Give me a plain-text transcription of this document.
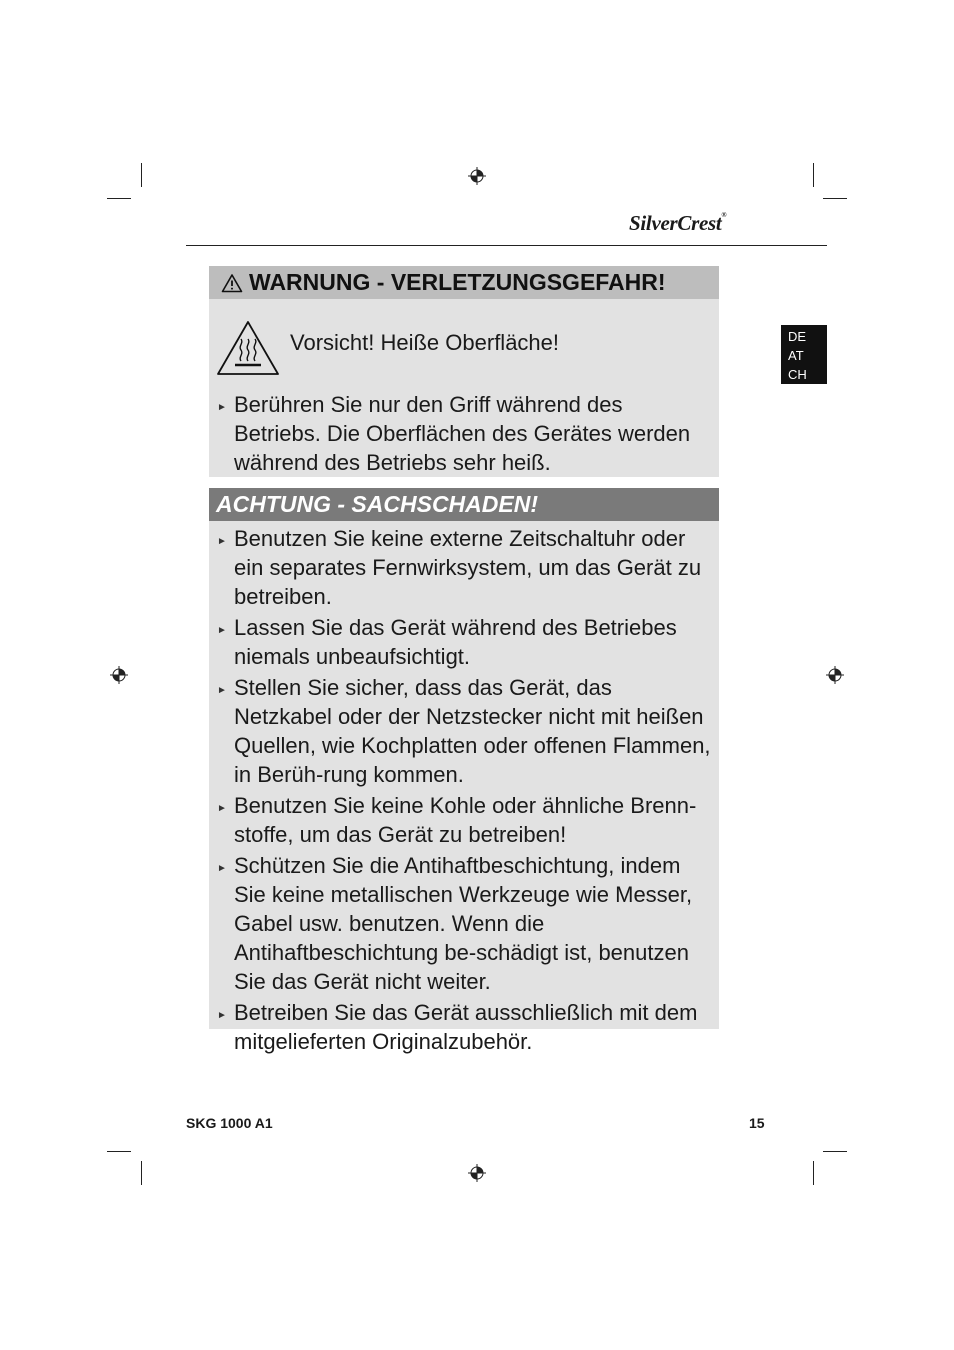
SilverCrest®
DE
AT
CH
WARNUNG - VERLETZUNGSGEFAHR!
Vorsicht! Heiße Oberfläche!
► Berühren Sie nur den Griff während des Betriebs. Die Oberflächen des Gerätes werden während des Betriebs sehr heiß.
ACHTUNG - SACHSCHADEN!
► Benutzen Sie keine externe Zeitschaltuhr oder ein separates Fernwirksystem, um das Gerät zu betreiben.
► Lassen Sie das Gerät während des Betriebes niemals unbeaufsichtigt.
► Stellen Sie sicher, dass das Gerät, das Netzkabel oder der Netzstecker nicht mit heißen Quellen, wie Kochplatten oder offenen Flammen, in Berüh-rung kommen.
► Benutzen Sie keine Kohle oder ähnliche Brenn-stoffe, um das Gerät zu betreiben!
► Schützen Sie die Antihaftbeschichtung, indem Sie keine metallischen Werkzeuge wie Messer, Gabel usw. benutzen. Wenn die Antihaftbeschichtung be-schädigt ist, benutzen Sie das Gerät nicht weiter.
► Betreiben Sie das Gerät ausschließlich mit dem mitgelieferten Originalzubehör.
SKG 1000 A1	15
